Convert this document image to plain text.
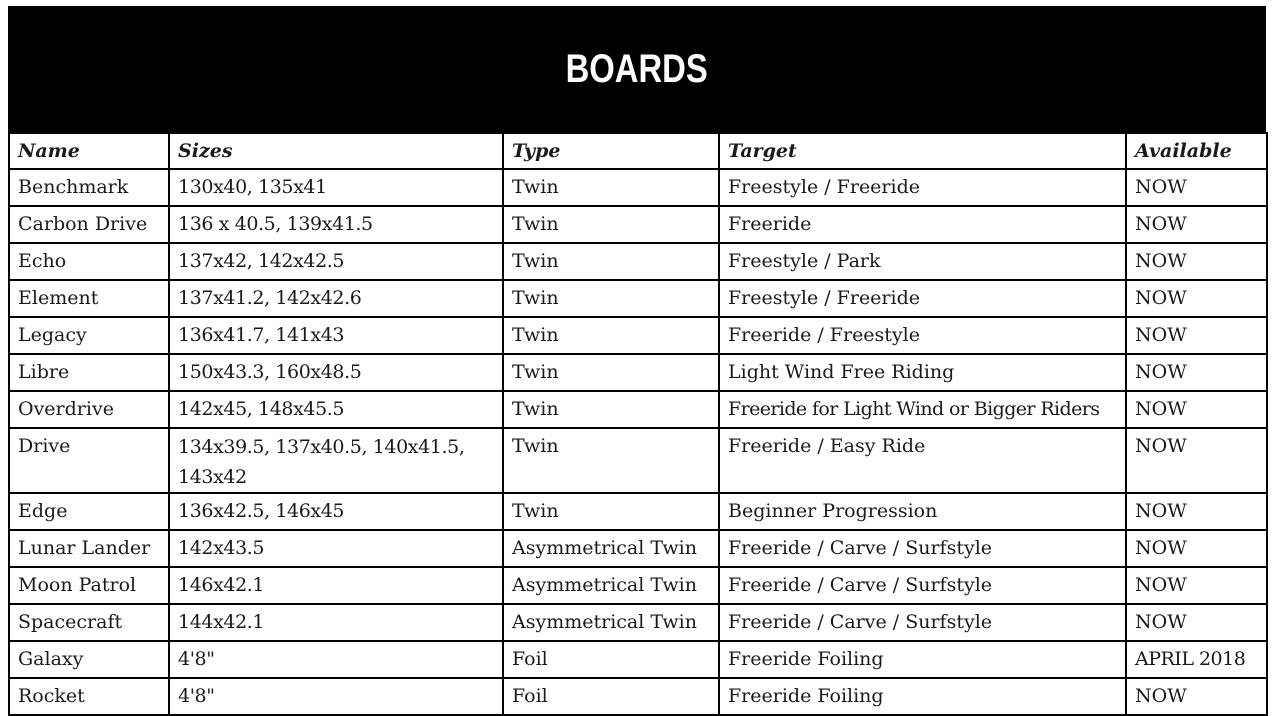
BOARDS
Name	Sizes	Type	Target	Available
Benchmark	130x40, 135x41	Twin	Freestyle / Freeride	NOW
Carbon Drive	136 x 40.5, 139x41.5	Twin	Freeride	NOW
Echo	137x42, 142x42.5	Twin	Freestyle / Park	NOW
Element	137x41.2, 142x42.6	Twin	Freestyle / Freeride	NOW
Legacy	136x41.7, 141x43	Twin	Freeride / Freestyle	NOW
Libre	150x43.3, 160x48.5	Twin	Light Wind Free Riding	NOW
Overdrive	142x45, 148x45.5	Twin	Freeride for Light Wind or Bigger Riders	NOW
Drive	134x39.5, 137x40.5, 140x41.5, 143x42	Twin	Freeride / Easy Ride	NOW
Edge	136x42.5, 146x45	Twin	Beginner Progression	NOW
Lunar Lander	142x43.5	Asymmetrical Twin	Freeride / Carve / Surfstyle	NOW
Moon Patrol	146x42.1	Asymmetrical Twin	Freeride / Carve / Surfstyle	NOW
Spacecraft	144x42.1	Asymmetrical Twin	Freeride / Carve / Surfstyle	NOW
Galaxy	4'8"	Foil	Freeride Foiling	APRIL 2018
Rocket	4'8"	Foil	Freeride Foiling	NOW
